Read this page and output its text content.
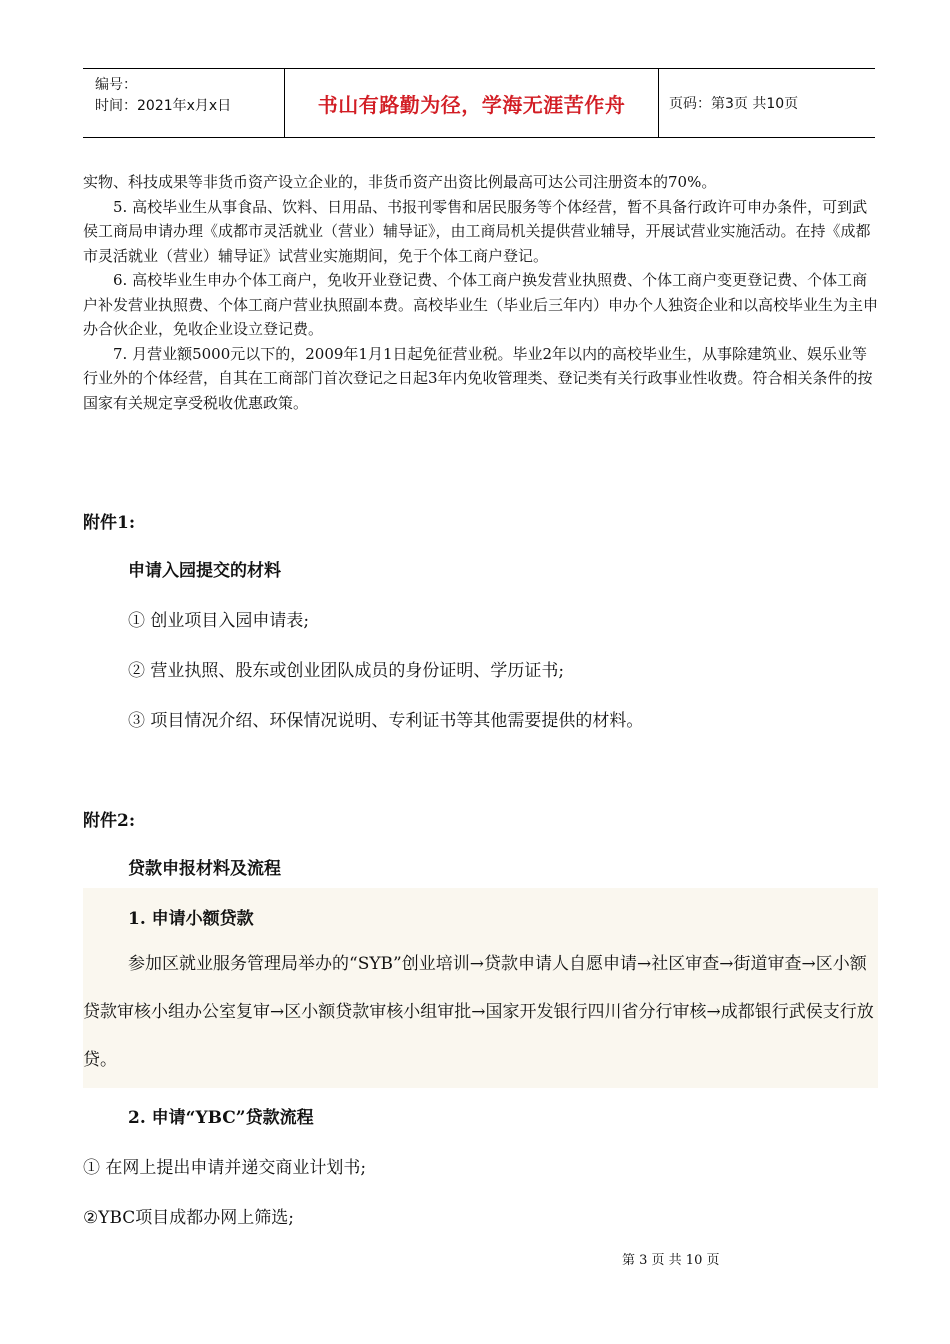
编号：
时间：2021年x月x日	书山有路勤为径，学海无涯苦作舟	页码：第3页 共10页

实物、科技成果等非货币资产设立企业的，非货币资产出资比例最高可达公司注册资本的70%。

5. 高校毕业生从事食品、饮料、日用品、书报刊零售和居民服务等个体经营，暂不具备行政许可申办条件，可到武侯工商局申请办理《成都市灵活就业（营业）辅导证》，由工商局机关提供营业辅导，开展试营业实施活动。在持《成都市灵活就业（营业）辅导证》试营业实施期间，免于个体工商户登记。

6. 高校毕业生申办个体工商户，免收开业登记费、个体工商户换发营业执照费、个体工商户变更登记费、个体工商户补发营业执照费、个体工商户营业执照副本费。高校毕业生（毕业后三年内）申办个人独资企业和以高校毕业生为主申办合伙企业，免收企业设立登记费。

7. 月营业额5000元以下的，2009年1月1日起免征营业税。毕业2年以内的高校毕业生，从事除建筑业、娱乐业等行业外的个体经营，自其在工商部门首次登记之日起3年内免收管理类、登记类有关行政事业性收费。符合相关条件的按国家有关规定享受税收优惠政策。

附件1:
申请入园提交的材料
① 创业项目入园申请表;
② 营业执照、股东或创业团队成员的身份证明、学历证书;
③ 项目情况介绍、环保情况说明、专利证书等其他需要提供的材料。
附件2:
贷款申报材料及流程
1. 申请小额贷款
参加区就业服务管理局举办的“SYB”创业培训→贷款申请人自愿申请→社区审查→街道审查→区小额贷款审核小组办公室复审→区小额贷款审核小组审批→国家开发银行四川省分行审核→成都银行武侯支行放贷。
2. 申请“YBC”贷款流程
① 在网上提出申请并递交商业计划书;
②YBC项目成都办网上筛选;
第 3 页 共 10 页
